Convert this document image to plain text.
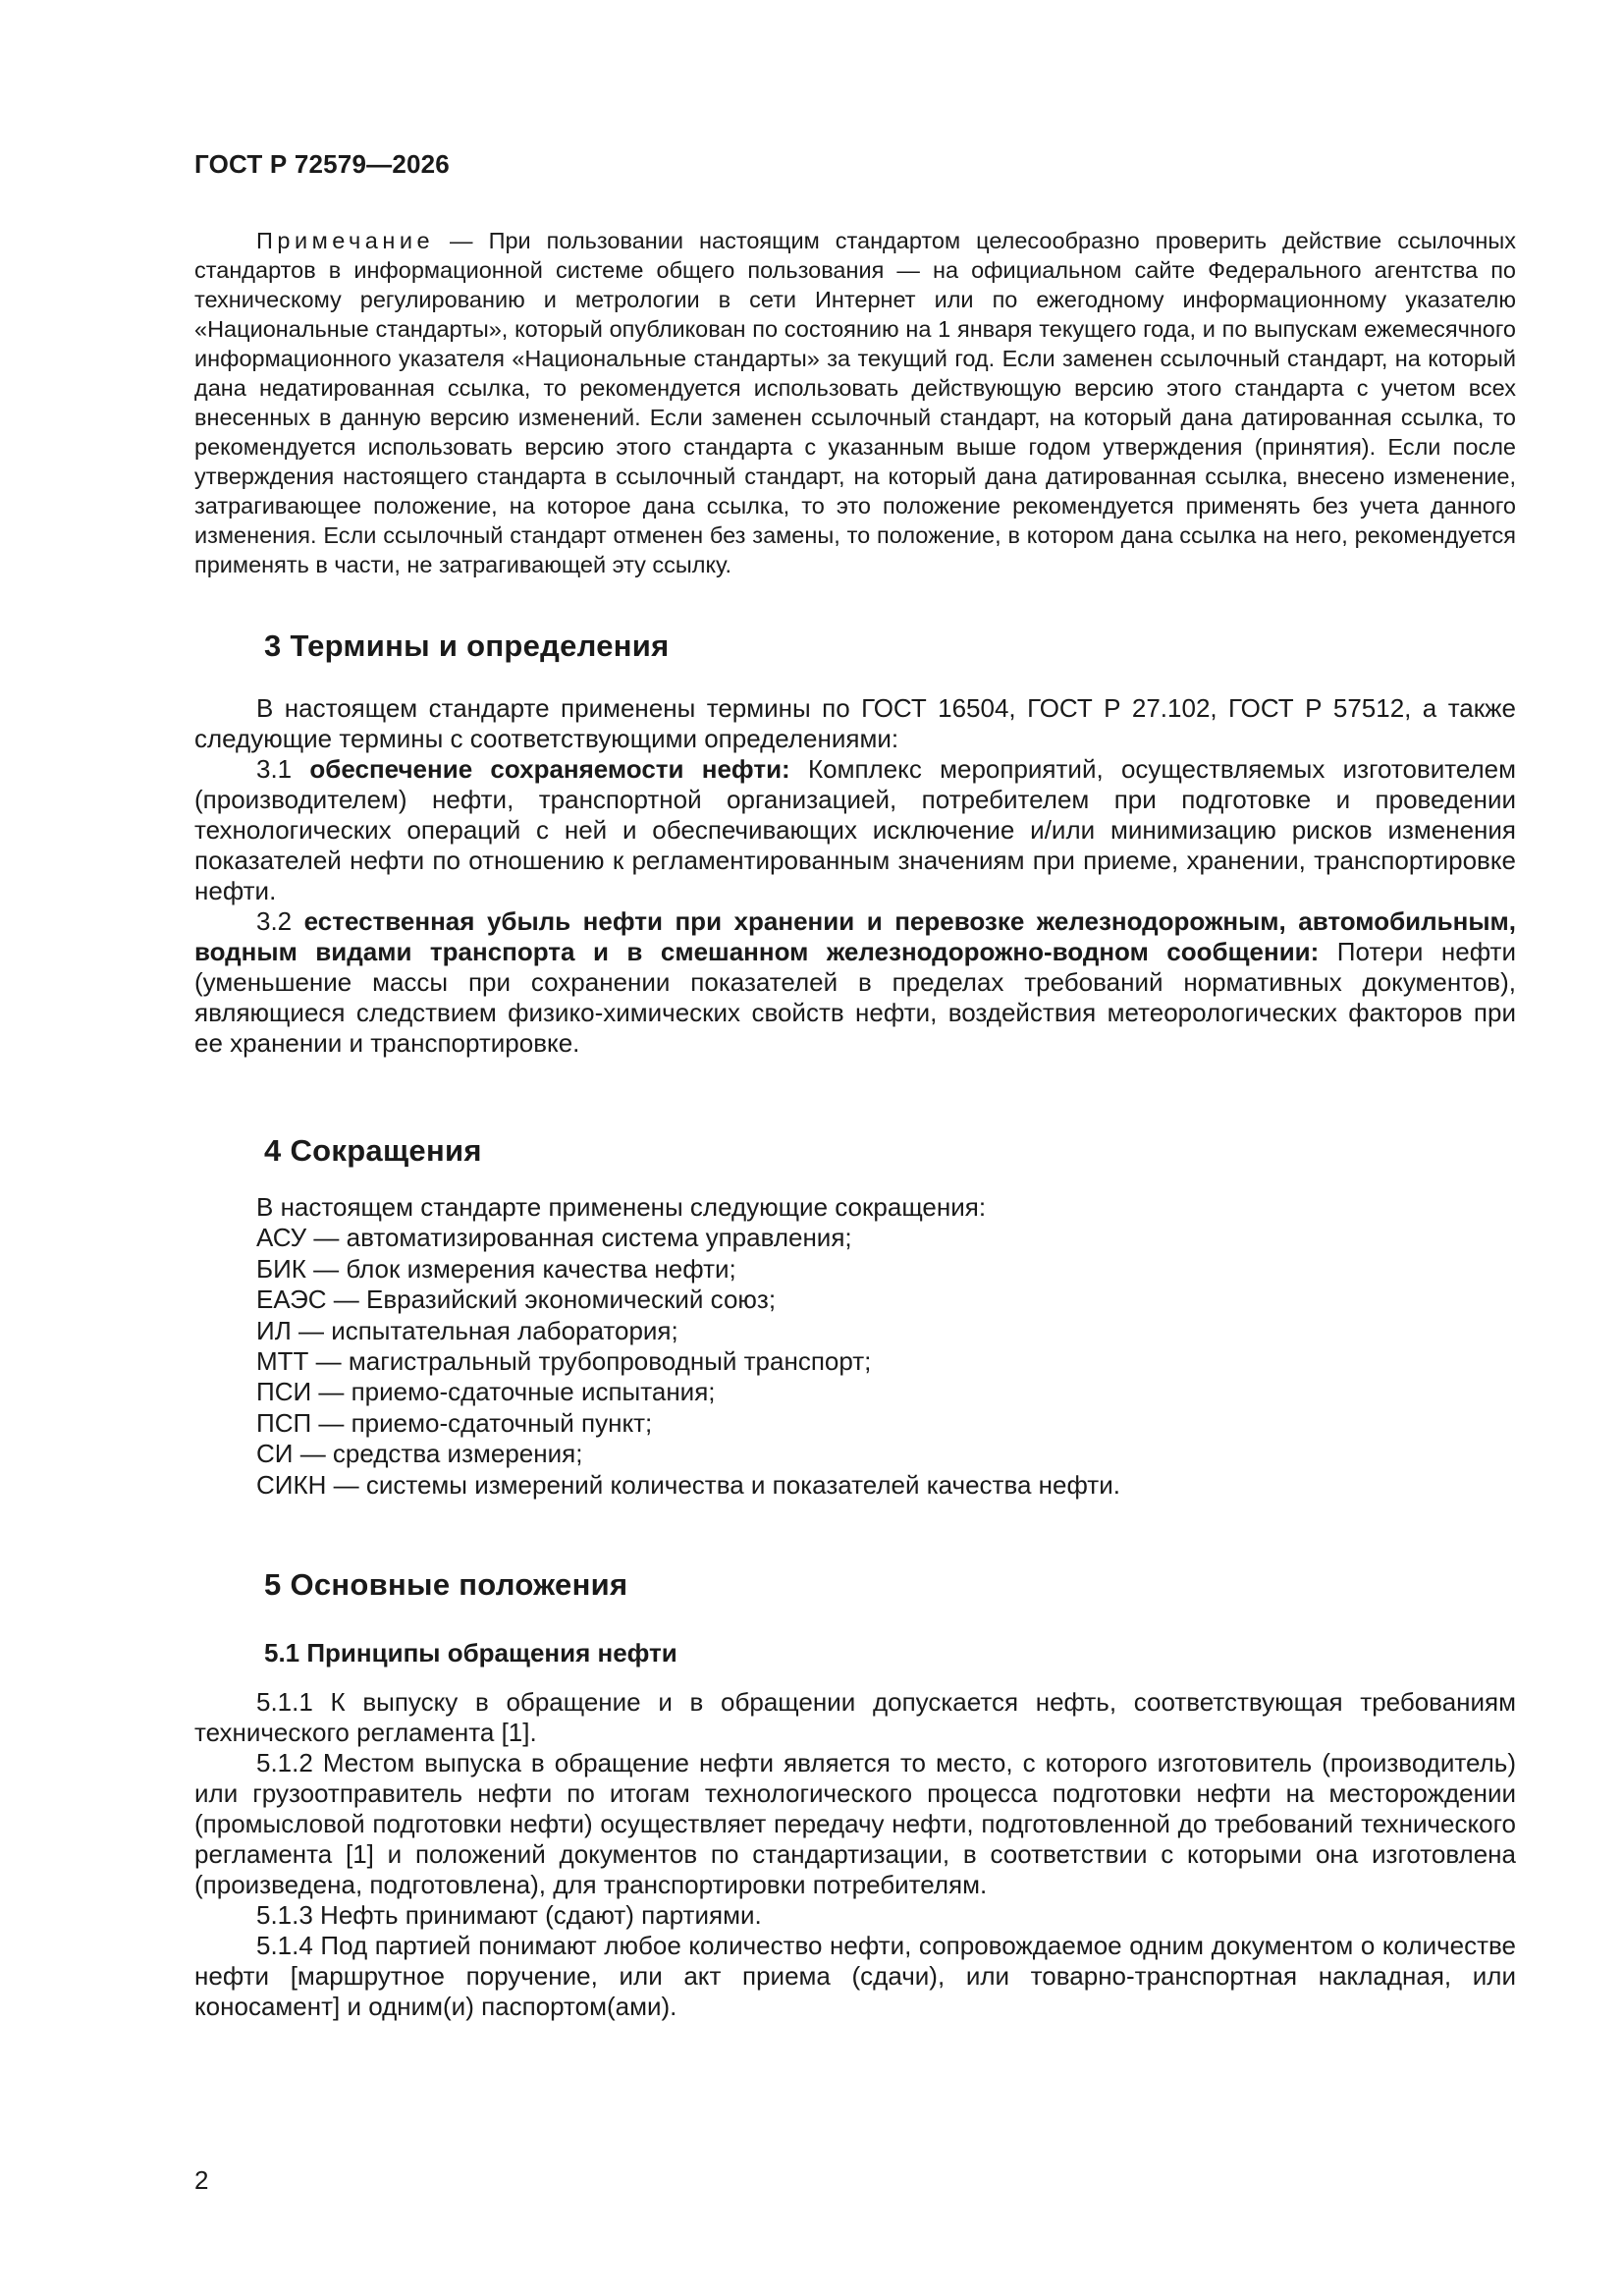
ГОСТ Р 72579—2026

Примечание — При пользовании настоящим стандартом целесообразно проверить действие ссылочных стандартов в информационной системе общего пользования — на официальном сайте Федерального агентства по техническому регулированию и метрологии в сети Интернет или по ежегодному информационному указателю «Национальные стандарты», который опубликован по состоянию на 1 января текущего года, и по выпускам ежемесячного информационного указателя «Национальные стандарты» за текущий год. Если заменен ссылочный стандарт, на который дана недатированная ссылка, то рекомендуется использовать действующую версию этого стандарта с учетом всех внесенных в данную версию изменений. Если заменен ссылочный стандарт, на который дана датированная ссылка, то рекомендуется использовать версию этого стандарта с указанным выше годом утверждения (принятия). Если после утверждения настоящего стандарта в ссылочный стандарт, на который дана датированная ссылка, внесено изменение, затрагивающее положение, на которое дана ссылка, то это положение рекомендуется применять без учета данного изменения. Если ссылочный стандарт отменен без замены, то положение, в котором дана ссылка на него, рекомендуется применять в части, не затрагивающей эту ссылку.

3 Термины и определения

В настоящем стандарте применены термины по ГОСТ 16504, ГОСТ Р 27.102, ГОСТ Р 57512, а также следующие термины с соответствующими определениями:

3.1 обеспечение сохраняемости нефти: Комплекс мероприятий, осуществляемых изготовителем (производителем) нефти, транспортной организацией, потребителем при подготовке и проведении технологических операций с ней и обеспечивающих исключение и/или минимизацию рисков изменения показателей нефти по отношению к регламентированным значениям при приеме, хранении, транспортировке нефти.

3.2 естественная убыль нефти при хранении и перевозке железнодорожным, автомобильным, водным видами транспорта и в смешанном железнодорожно-водном сообщении: Потери нефти (уменьшение массы при сохранении показателей в пределах требований нормативных документов), являющиеся следствием физико-химических свойств нефти, воздействия метеорологических факторов при ее хранении и транспортировке.

4 Сокращения
В настоящем стандарте применены следующие сокращения:
АСУ — автоматизированная система управления;
БИК — блок измерения качества нефти;
ЕАЭС — Евразийский экономический союз;
ИЛ — испытательная лаборатория;
МТТ — магистральный трубопроводный транспорт;
ПСИ — приемо-сдаточные испытания;
ПСП — приемо-сдаточный пункт;
СИ — средства измерения;
СИКН — системы измерений количества и показателей качества нефти.
5 Основные положения
5.1 Принципы обращения нефти

5.1.1 К выпуску в обращение и в обращении допускается нефть, соответствующая требованиям технического регламента [1].

5.1.2 Местом выпуска в обращение нефти является то место, с которого изготовитель (производитель) или грузоотправитель нефти по итогам технологического процесса подготовки нефти на месторождении (промысловой подготовки нефти) осуществляет передачу нефти, подготовленной до требований технического регламента [1] и положений документов по стандартизации, в соответствии с которыми она изготовлена (произведена, подготовлена), для транспортировки потребителям.

5.1.3 Нефть принимают (сдают) партиями.

5.1.4 Под партией понимают любое количество нефти, сопровождаемое одним документом о количестве нефти [маршрутное поручение, или акт приема (сдачи), или товарно-транспортная накладная, или коносамент] и одним(и) паспортом(ами).

2
